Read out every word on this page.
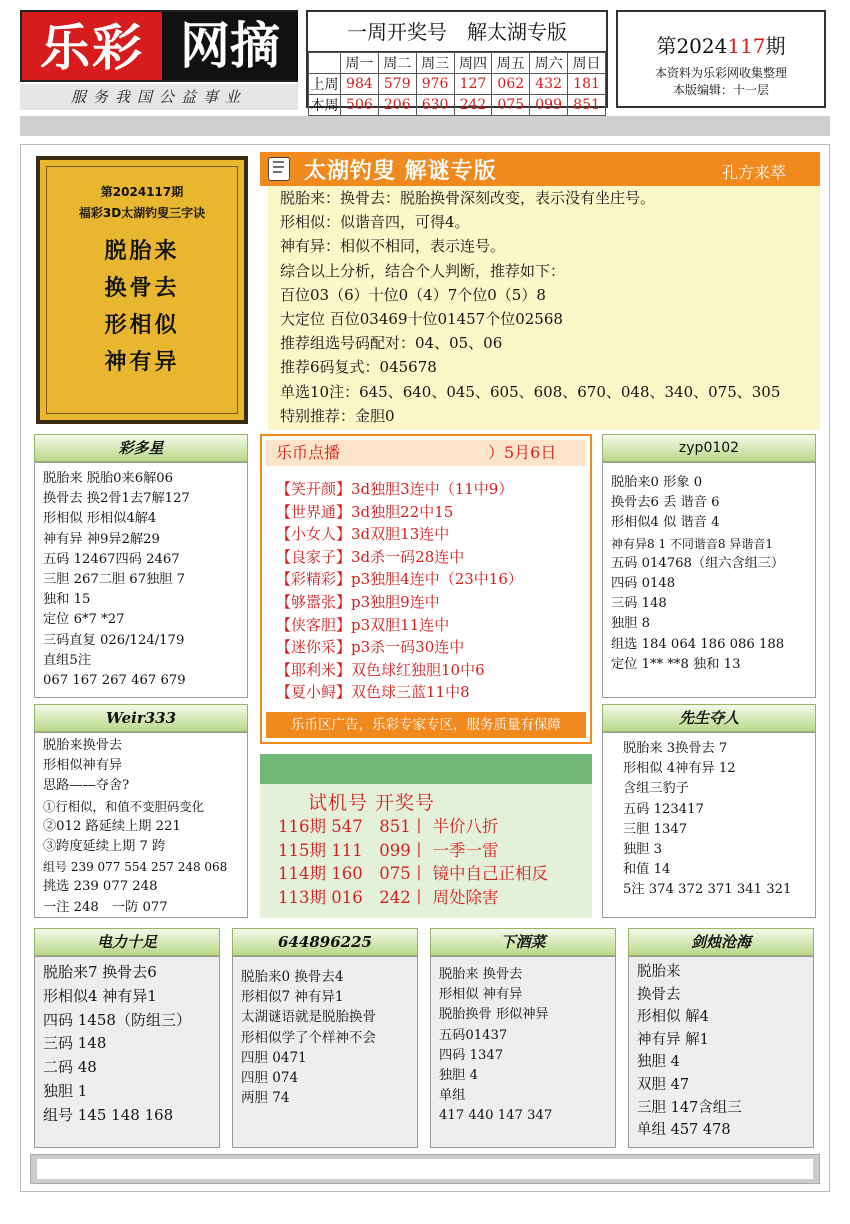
乐彩 网摘
服务我国公益事业
一周开奖号　解太湖专版
	周一	周二	周三	周四	周五	周六	周日
上周	984	579	976	127	062	432	181
本周	506	206	630	242	075	099	851
第2024117期
本资料为乐彩网收集整理
本版编辑：十一层
第2024117期
福彩3D太湖钓叟三字诀
脱胎来
换骨去
形相似
神有异
太湖钓叟 解谜专版	孔方来萃
脱胎来：换骨去：脱胎换骨深刻改变，表示没有坐庄号。
形相似：似谐音四，可得4。
神有异：相似不相同，表示连号。
综合以上分析，结合个人判断，推荐如下：
百位03（6）十位0（4）7个位0（5）8
大定位 百位03469十位01457个位02568
推荐组选号码配对：04、05、06
推荐6码复式：045678
单选10注：645、640、045、605、608、670、048、340、075、305
特别推荐：金胆0
彩多星
脱胎来 脱胎0来6解06
换骨去 换2骨1去7解127
形相似 形相似4解4
神有异 神9异2解29
五码 12467四码 2467
三胆 267二胆 67独胆 7
独和 15
定位 6*7 *27
三码直复 026/124/179
直组5注
067 167 267 467 679
Weir333
脱胎来换骨去
形相似神有异
思路——夺舍?
①行相似，和值不变胆码变化
②012 路延续上期 221
③跨度延续上期 7 跨
组号 239 077 554 257 248 068
挑选 239 077 248
一注 248　一防 077
乐币点播	）5月6日
【笑开颜】3d独胆3连中（11中9）
【世界通】3d独胆22中15
【小女人】3d双胆13连中
【良家子】3d杀一码28连中
【彩精彩】p3独胆4连中（23中16）
【够嚣张】p3独胆9连中
【侠客胆】p3双胆11连中
【迷你采】p3杀一码30连中
【耶利米】双色球红独胆10中6
【夏小鲟】双色球三蓝11中8
乐币区广告，乐彩专家专区，服务质量有保障
试机号 开奖号
116期 547　851丨 半价八折
115期 111　099丨 一季一雷
114期 160　075丨 镜中自己正相反
113期 016　242丨 周处除害
zyp0102
脱胎来0 形象 0
换骨去6 丢 谐音 6
形相似4 似 谐音 4
神有异8 1 不同谐音8 异谐音1
五码 014768（组六含组三）
四码 0148
三码 148
独胆 8
组选 184 064 186 086 188
定位 1** **8 独和 13
先生夺人
脱胎来 3换骨去 7
形相似 4神有异 12
含组三豹子
五码 123417
三胆 1347
独胆 3
和值 14
5注 374 372 371 341 321
电力十足
脱胎来7 换骨去6
形相似4 神有异1
四码 1458（防组三）
三码 148
二码 48
独胆 1
组号 145 148 168
644896225
脱胎来0 换骨去4
形相似7 神有异1
太湖谜语就是脱胎换骨
形相似学了个样神不会
四胆 0471
四胆 074
两胆 74
下酒菜
脱胎来 换骨去
形相似 神有异
脱胎换骨 形似神异
五码01437
四码 1347
独胆 4
单组
417 440 147 347
剑烛沧海
脱胎来
换骨去
形相似 解4
神有异 解1
独胆 4
双胆 47
三胆 147含组三
单组 457 478
